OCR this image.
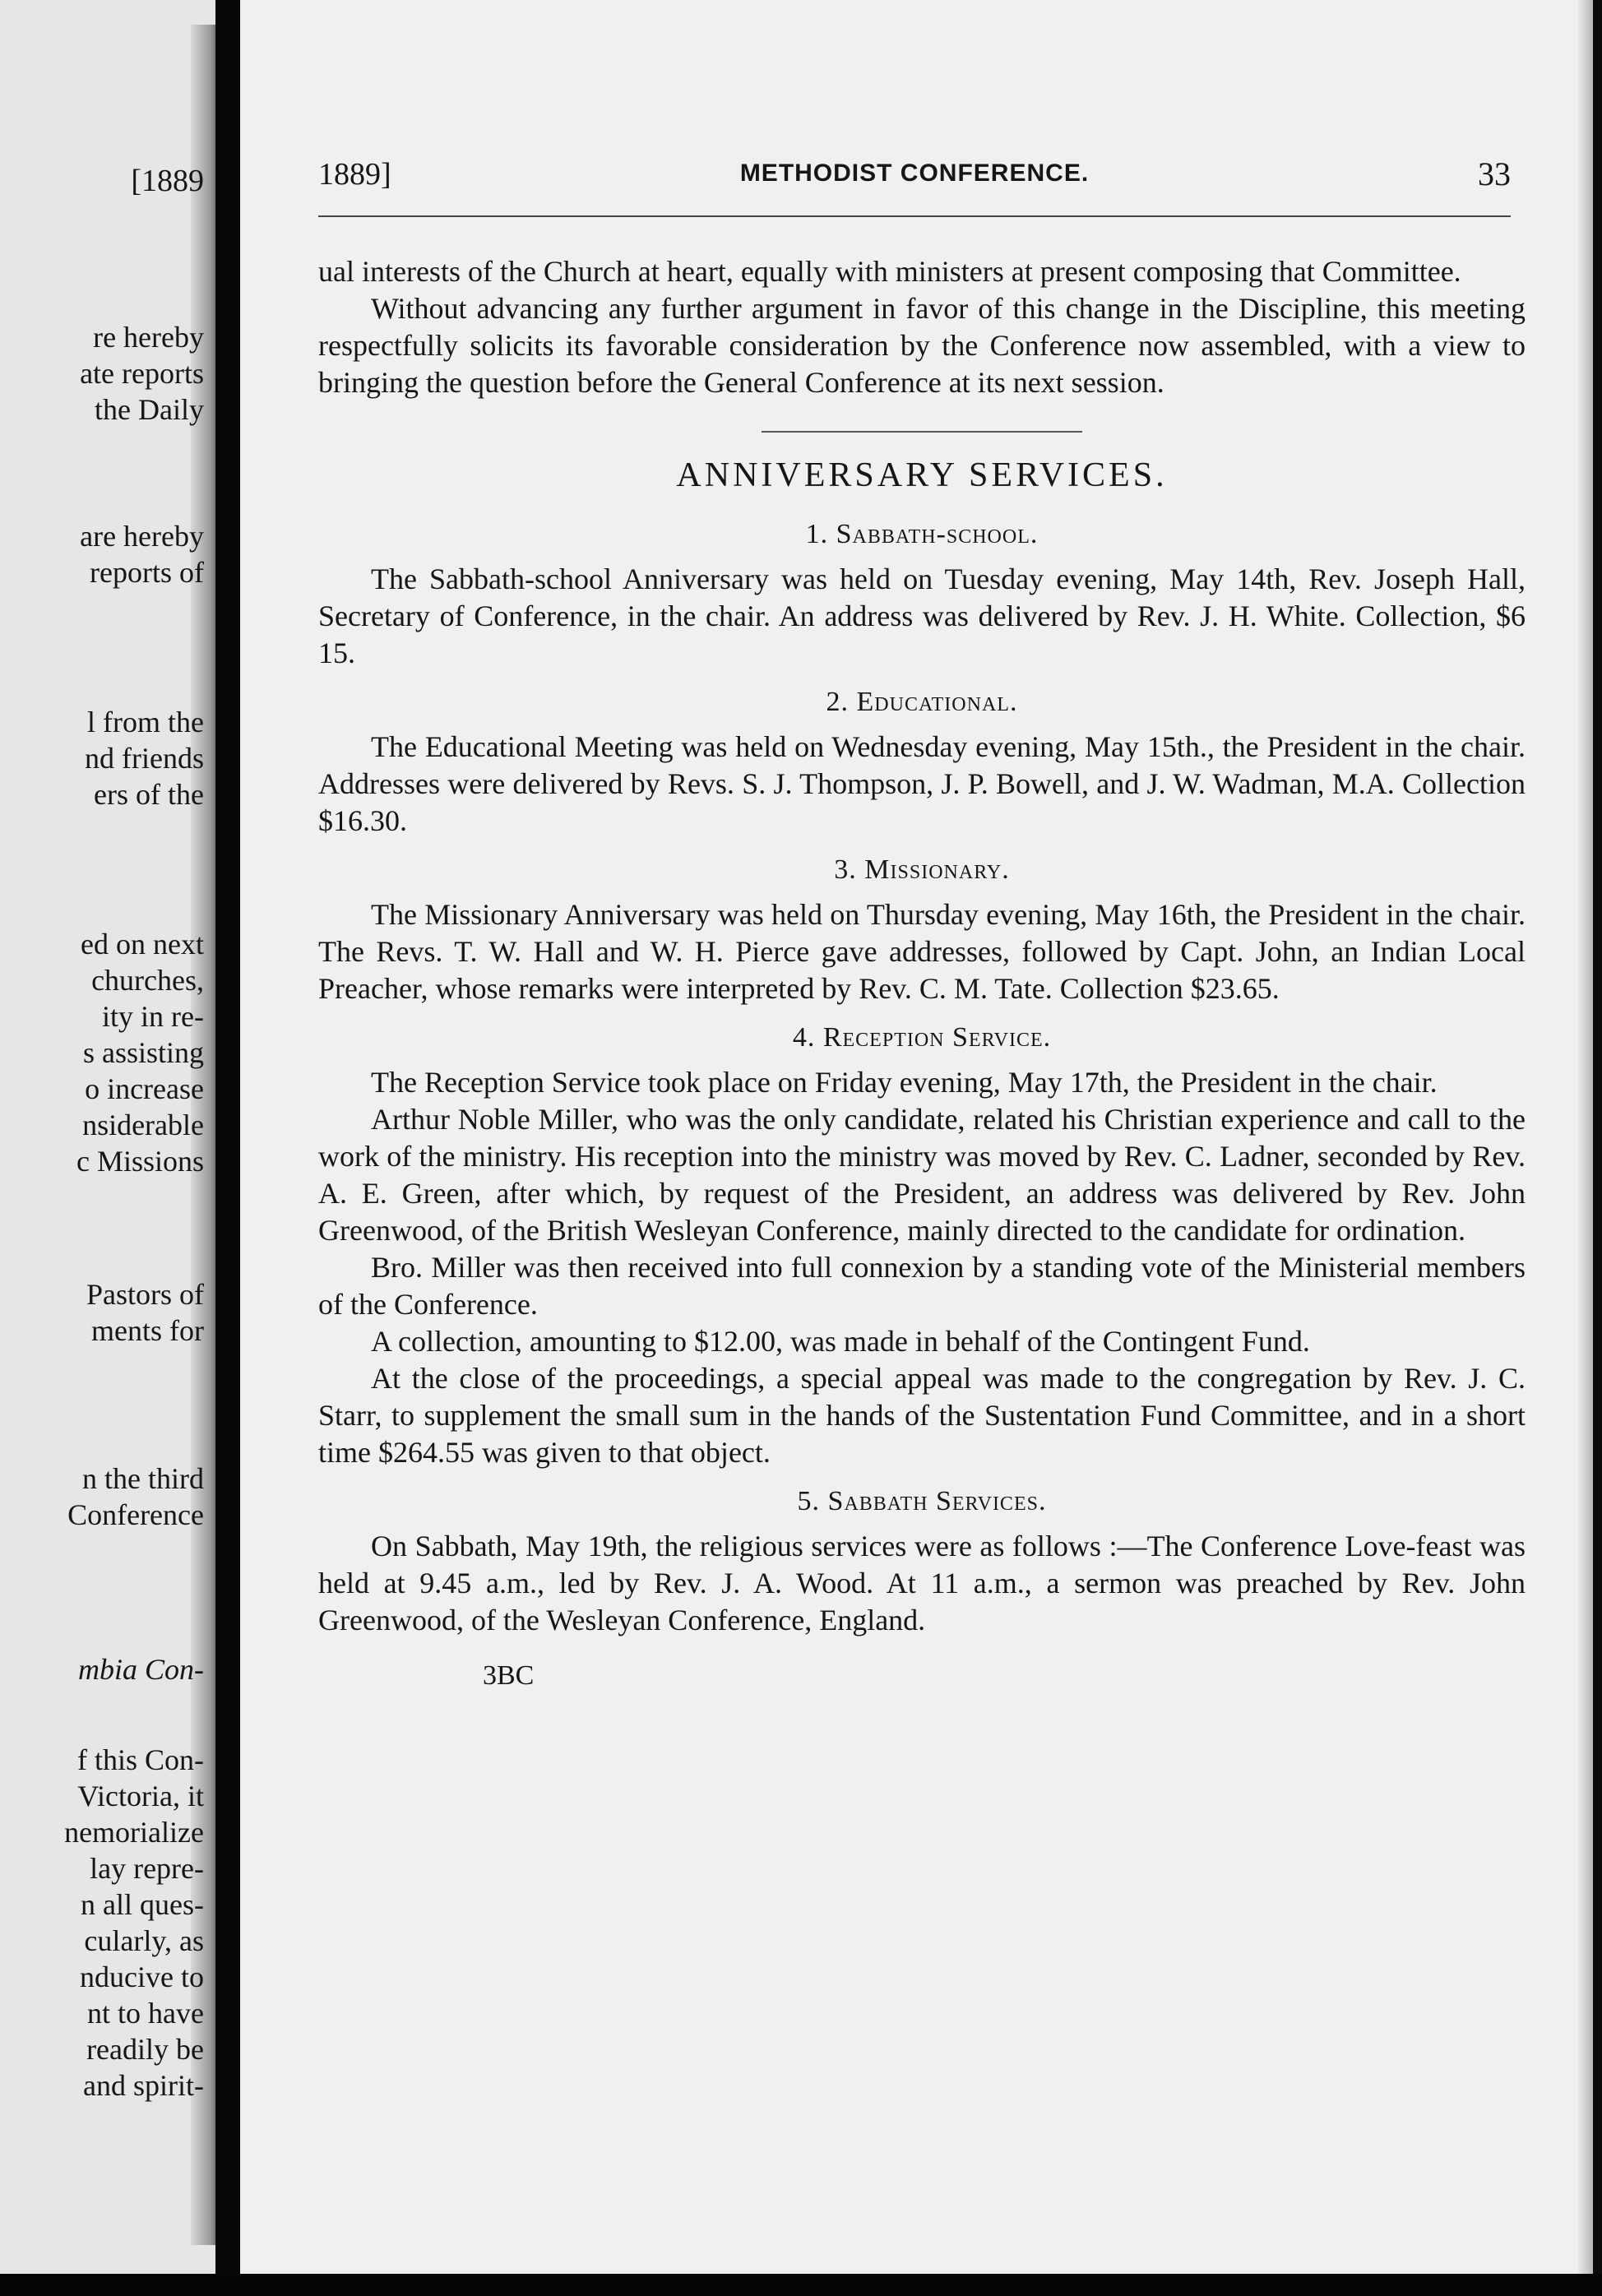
[1889
re hereby
ate reports
the Daily
are hereby
reports of
l from the
nd friends
ers of the
ed on next
churches,
ity in re-
s assisting
o increase
nsiderable
c Missions
Pastors of
ments for
n the third
Conference
mbia Con-
f this Con-
Victoria, it
nemorialize
lay repre-
n all ques-
cularly, as
nducive to
nt to have
readily be
and spirit-
1889]	METHODIST CONFERENCE.	33

ual interests of the Church at heart, equally with ministers at present composing that Committee.

Without advancing any further argument in favor of this change in the Discipline, this meeting respectfully solicits its favorable consideration by the Conference now assembled, with a view to bringing the question before the General Conference at its next session.

ANNIVERSARY SERVICES.
1. Sabbath-school.

The Sabbath-school Anniversary was held on Tuesday evening, May 14th, Rev. Joseph Hall, Secretary of Conference, in the chair. An address was delivered by Rev. J. H. White. Collection, $6 15.

2. Educational.

The Educational Meeting was held on Wednesday evening, May 15th., the President in the chair. Addresses were delivered by Revs. S. J. Thompson, J. P. Bowell, and J. W. Wadman, M.A. Collection $16.30.

3. Missionary.

The Missionary Anniversary was held on Thursday evening, May 16th, the President in the chair. The Revs. T. W. Hall and W. H. Pierce gave addresses, followed by Capt. John, an Indian Local Preacher, whose remarks were interpreted by Rev. C. M. Tate. Collection $23.65.

4. Reception Service.

The Reception Service took place on Friday evening, May 17th, the President in the chair.

Arthur Noble Miller, who was the only candidate, related his Christian experience and call to the work of the ministry. His reception into the ministry was moved by Rev. C. Ladner, seconded by Rev. A. E. Green, after which, by request of the President, an address was delivered by Rev. John Greenwood, of the British Wesleyan Conference, mainly directed to the candidate for ordination.

Bro. Miller was then received into full connexion by a standing vote of the Ministerial members of the Conference.

A collection, amounting to $12.00, was made in behalf of the Contingent Fund.

At the close of the proceedings, a special appeal was made to the congregation by Rev. J. C. Starr, to supplement the small sum in the hands of the Sustentation Fund Committee, and in a short time $264.55 was given to that object.

5. Sabbath Services.

On Sabbath, May 19th, the religious services were as follows :—The Conference Love-feast was held at 9.45 a.m., led by Rev. J. A. Wood. At 11 a.m., a sermon was preached by Rev. John Greenwood, of the Wesleyan Conference, England.

3BC
